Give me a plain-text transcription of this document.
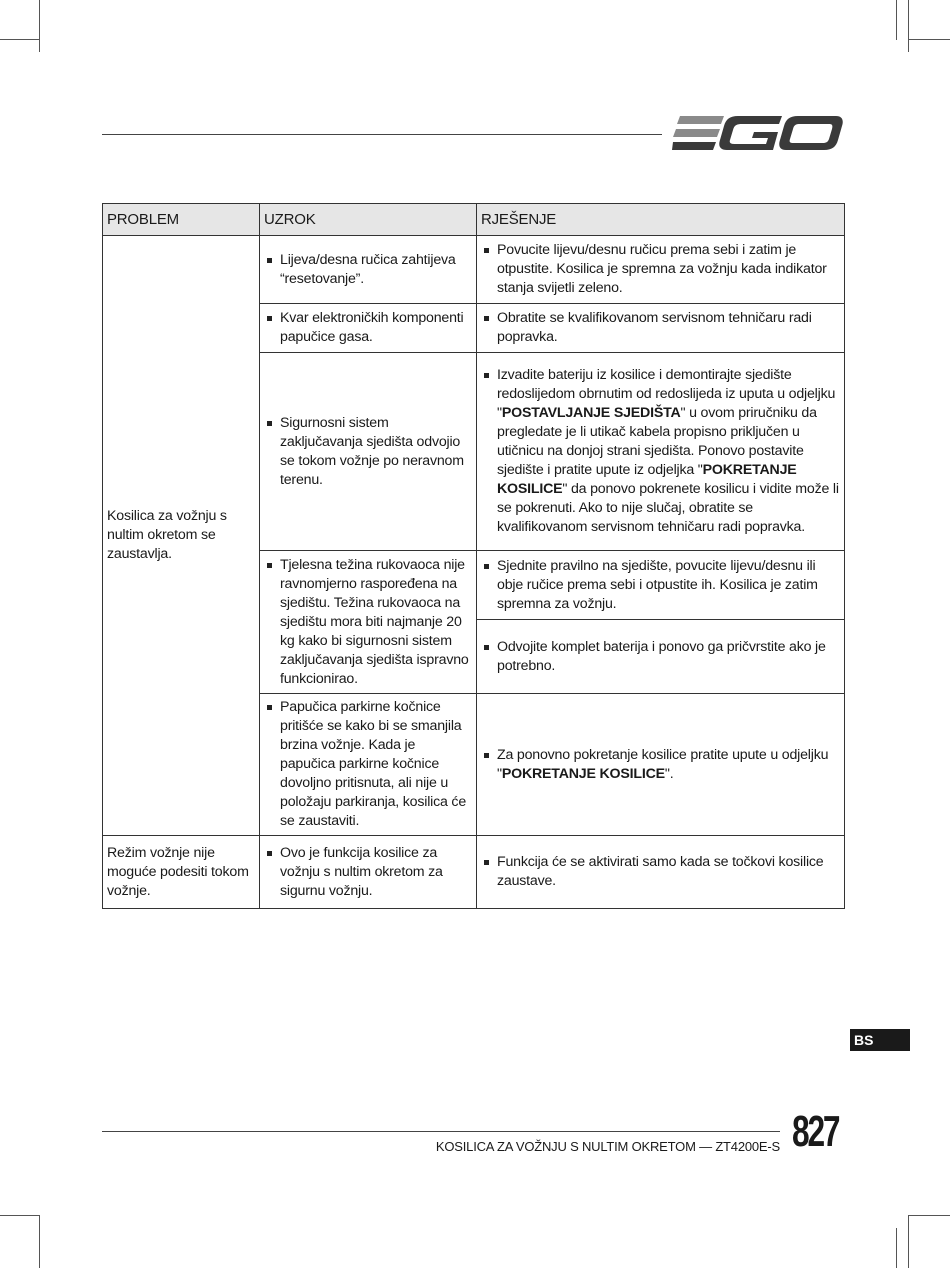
PROBLEM	UZROK	RJEŠENJE
Kosilica za vožnju s nultim okretom se zaustavlja.	Lijeva/desna ručica zahtijeva “resetovanje”.	Povucite lijevu/desnu ručicu prema sebi i zatim je otpustite. Kosilica je spremna za vožnju kada indikator stanja svijetli zeleno.

	Kvar elektroničkih komponenti papučice gasa.	Obratite se kvalifikovanom servisnom tehničaru radi popravka.

	Sigurnosni sistem zaključavanja sjedišta odvojio se tokom vožnje po neravnom terenu.	Izvadite bateriju iz kosilice i demontirajte sjedište redoslijedom obrnutim od redoslijeda iz uputa u odjeljku "POSTAVLJANJE SJEDIŠTA" u ovom priručniku da pregledate je li utikač kabela propisno priključen u utičnicu na donjoj strani sjedišta. Ponovo postavite sjedište i pratite upute iz odjeljka "POKRETANJE KOSILICE" da ponovo pokrenete kosilicu i vidite može li se pokrenuti. Ako to nije slučaj, obratite se kvalifikovanom servisnom tehničaru radi popravka.

	Tjelesna težina rukovaoca nije ravnomjerno raspoređena na sjedištu. Težina rukovaoca na sjedištu mora biti najmanje 20 kg kako bi sigurnosni sistem zaključavanja sjedišta ispravno funkcionirao.	Sjednite pravilno na sjedište, povucite lijevu/desnu ili obje ručice prema sebi i otpustite ih. Kosilica je zatim spremna za vožnju.

		Odvojite komplet baterija i ponovo ga pričvrstite ako je potrebno.

	Papučica parkirne kočnice pritišće se kako bi se smanjila brzina vožnje. Kada je papučica parkirne kočnice dovoljno pritisnuta, ali nije u položaju parkiranja, kosilica će se zaustaviti.	Za ponovno pokretanje kosilice pratite upute u odjeljku "POKRETANJE KOSILICE".

Režim vožnje nije moguće podesiti tokom vožnje.	Ovo je funkcija kosilice za vožnju s nultim okretom za sigurnu vožnju.	Funkcija će se aktivirati samo kada se točkovi kosilice zaustave.
BS
KOSILICA ZA VOŽNJU S NULTIM OKRETOM — ZT4200E-S 827
